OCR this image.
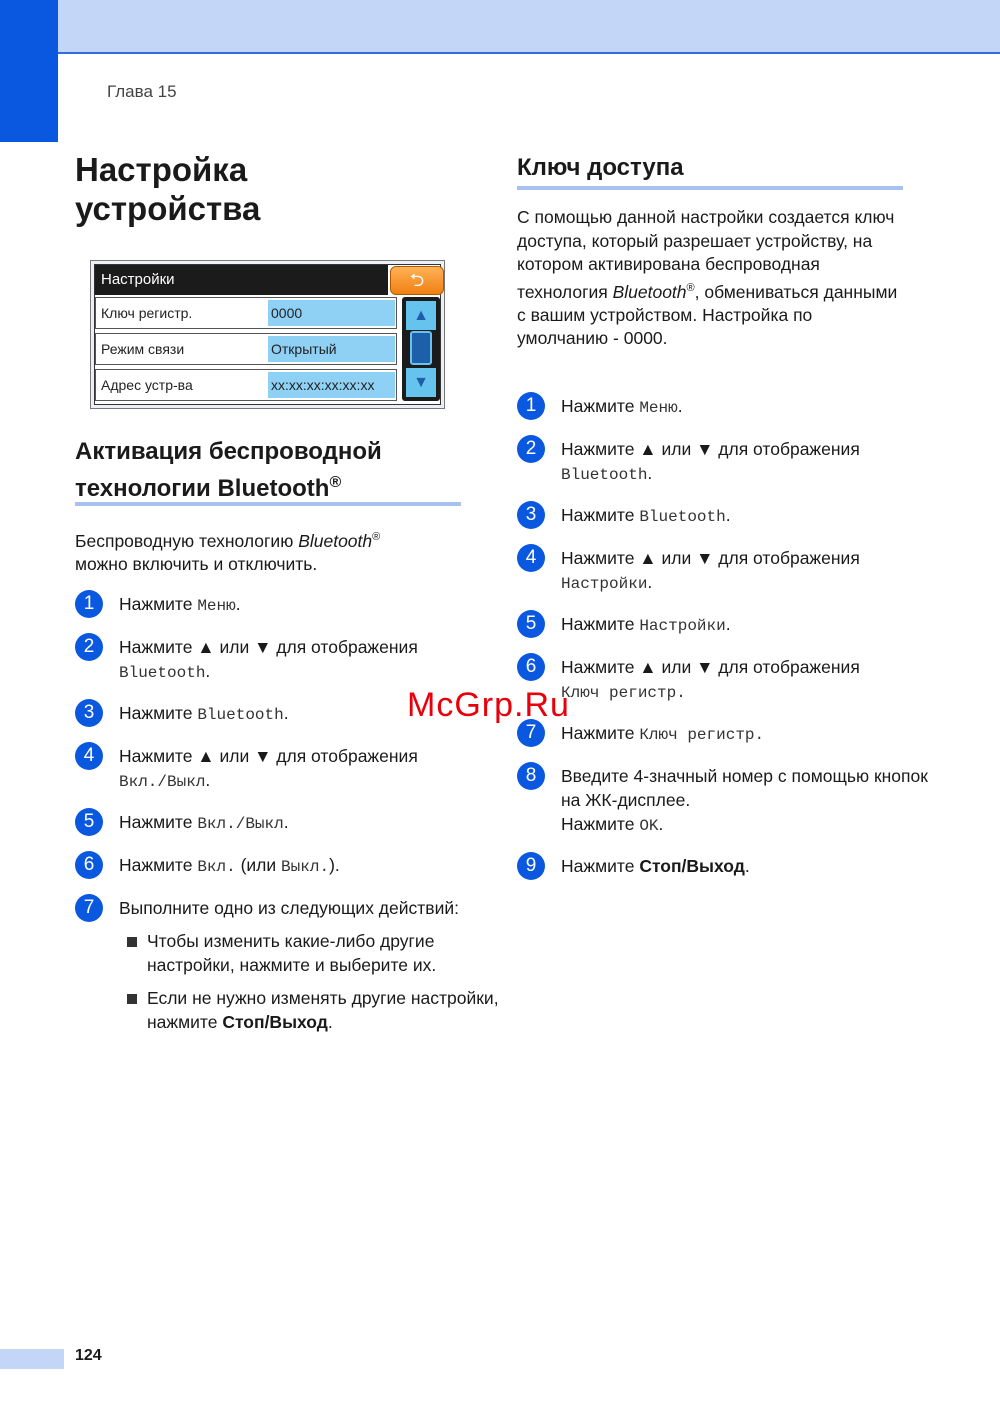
Глава 15
Настройка
устройства
Настройки	⮌
Ключ регистр.	0000
Режим связи	Открытый
Адрес устр-ва	xx:xx:xx:xx:xx:xx
▲
▼
Активация беспроводной
технологии Bluetooth®
Беспроводную технологию Bluetooth®
можно включить и отключить.
1	Нажмите Меню.
2	Нажмите ▲ или ▼ для отображения
Bluetooth.
3	Нажмите Bluetooth.
4	Нажмите ▲ или ▼ для отображения
Вкл./Выкл.
5	Нажмите Вкл./Выкл.
6	Нажмите Вкл. (или Выкл.).
7	Выполните одно из следующих действий:
Чтобы изменить какие-либо другие настройки, нажмите и выберите их.
Если не нужно изменять другие настройки, нажмите Стоп/Выход.
Ключ доступа
С помощью данной настройки создается ключ доступа, который разрешает устройству, на котором активирована беспроводная технология Bluetooth®, обмениваться данными с вашим устройством. Настройка по умолчанию - 0000.
1	Нажмите Меню.
2	Нажмите ▲ или ▼ для отображения
Bluetooth.
3	Нажмите Bluetooth.
4	Нажмите ▲ или ▼ для отображения
Настройки.
5	Нажмите Настройки.
6	Нажмите ▲ или ▼ для отображения
Ключ регистр.
7	Нажмите Ключ регистр.
8	Введите 4-значный номер с помощью кнопок на ЖК-дисплее.
Нажмите OK.
9	Нажмите Стоп/Выход.
McGrp.Ru
124
